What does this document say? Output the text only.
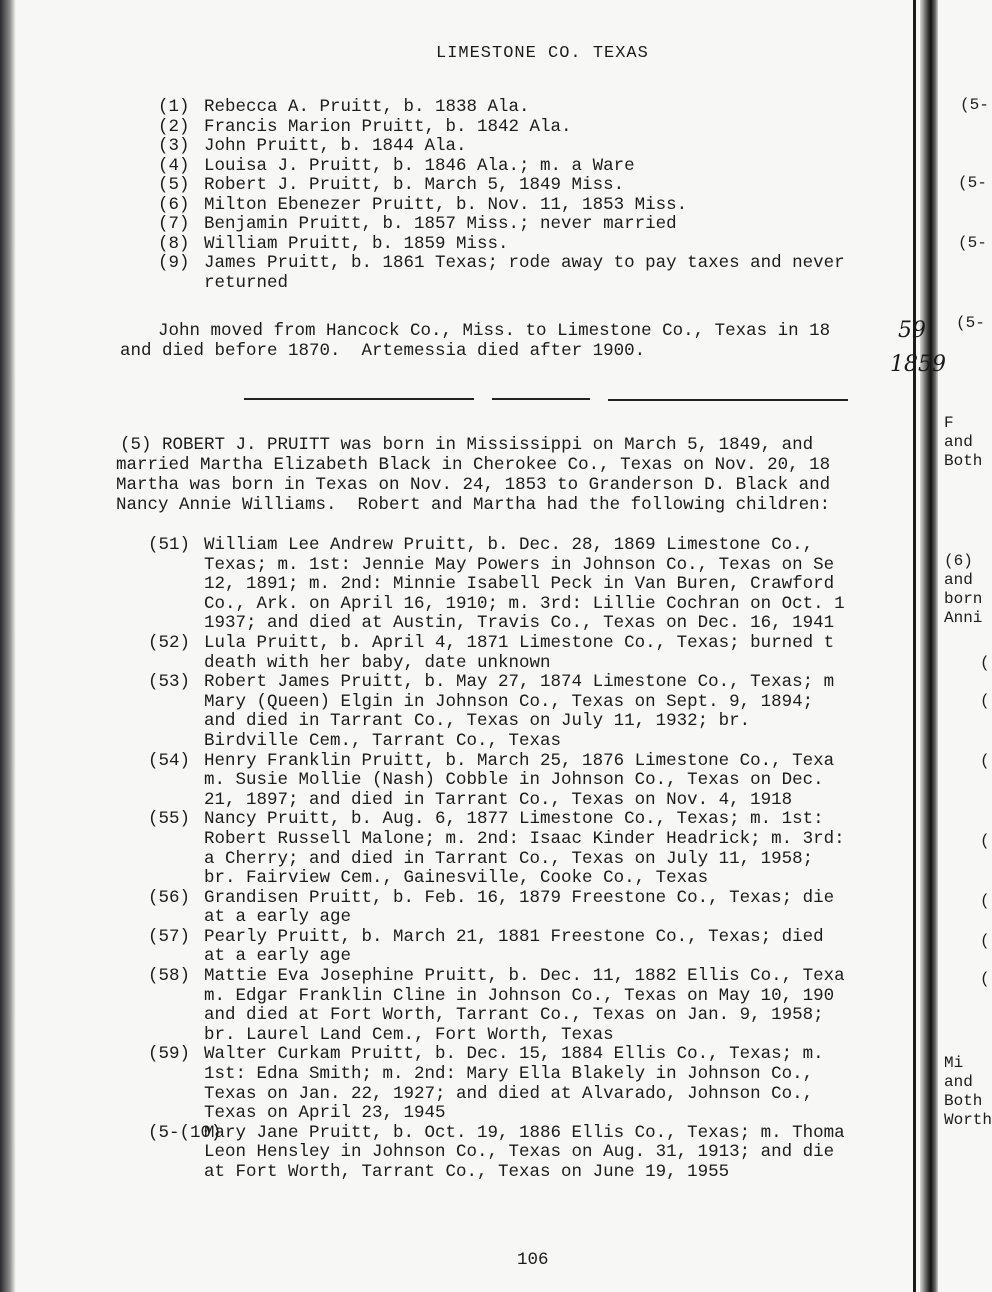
LIMESTONE CO. TEXAS
(1) Rebecca A. Pruitt, b. 1838 Ala.
(2) Francis Marion Pruitt, b. 1842 Ala.
(3) John Pruitt, b. 1844 Ala.
(4) Louisa J. Pruitt, b. 1846 Ala.; m. a Ware
(5) Robert J. Pruitt, b. March 5, 1849 Miss.
(6) Milton Ebenezer Pruitt, b. Nov. 11, 1853 Miss.
(7) Benjamin Pruitt, b. 1857 Miss.; never married
(8) William Pruitt, b. 1859 Miss.
(9) James Pruitt, b. 1861 Texas; rode away to pay taxes and never
returned
John moved from Hancock Co., Miss. to Limestone Co., Texas in 18
and died before 1870.  Artemessia died after 1900.
59
1859
(5) ROBERT J. PRUITT was born in Mississippi on March 5, 1849, and
married Martha Elizabeth Black in Cherokee Co., Texas on Nov. 20, 18
Martha was born in Texas on Nov. 24, 1853 to Granderson D. Black and
Nancy Annie Williams.  Robert and Martha had the following children:
(51) William Lee Andrew Pruitt, b. Dec. 28, 1869 Limestone Co.,
Texas; m. 1st: Jennie May Powers in Johnson Co., Texas on Se
12, 1891; m. 2nd: Minnie Isabell Peck in Van Buren, Crawford
Co., Ark. on April 16, 1910; m. 3rd: Lillie Cochran on Oct. 1
1937; and died at Austin, Travis Co., Texas on Dec. 16, 1941
(52) Lula Pruitt, b. April 4, 1871 Limestone Co., Texas; burned t
death with her baby, date unknown
(53) Robert James Pruitt, b. May 27, 1874 Limestone Co., Texas; m
Mary (Queen) Elgin in Johnson Co., Texas on Sept. 9, 1894;
and died in Tarrant Co., Texas on July 11, 1932; br.
Birdville Cem., Tarrant Co., Texas
(54) Henry Franklin Pruitt, b. March 25, 1876 Limestone Co., Texa
m. Susie Mollie (Nash) Cobble in Johnson Co., Texas on Dec.
21, 1897; and died in Tarrant Co., Texas on Nov. 4, 1918
(55) Nancy Pruitt, b. Aug. 6, 1877 Limestone Co., Texas; m. 1st:
Robert Russell Malone; m. 2nd: Isaac Kinder Headrick; m. 3rd:
a Cherry; and died in Tarrant Co., Texas on July 11, 1958;
br. Fairview Cem., Gainesville, Cooke Co., Texas
(56) Grandisen Pruitt, b. Feb. 16, 1879 Freestone Co., Texas; die
at a early age
(57) Pearly Pruitt, b. March 21, 1881 Freestone Co., Texas; died
at a early age
(58) Mattie Eva Josephine Pruitt, b. Dec. 11, 1882 Ellis Co., Texa
m. Edgar Franklin Cline in Johnson Co., Texas on May 10, 190
and died at Fort Worth, Tarrant Co., Texas on Jan. 9, 1958;
br. Laurel Land Cem., Fort Worth, Texas
(59) Walter Curkam Pruitt, b. Dec. 15, 1884 Ellis Co., Texas; m.
1st: Edna Smith; m. 2nd: Mary Ella Blakely in Johnson Co.,
Texas on Jan. 22, 1927; and died at Alvarado, Johnson Co.,
Texas on April 23, 1945
(5-(10)
Mary Jane Pruitt, b. Oct. 19, 1886 Ellis Co., Texas; m. Thoma
Leon Hensley in Johnson Co., Texas on Aug. 31, 1913; and die
at Fort Worth, Tarrant Co., Texas on June 19, 1955
106
(5-
(5-
(5-
(5-
F
and
Both
(6)
and
born
Anni
(
(
(
(
(
(
(
Mi
and
Both
Worth
